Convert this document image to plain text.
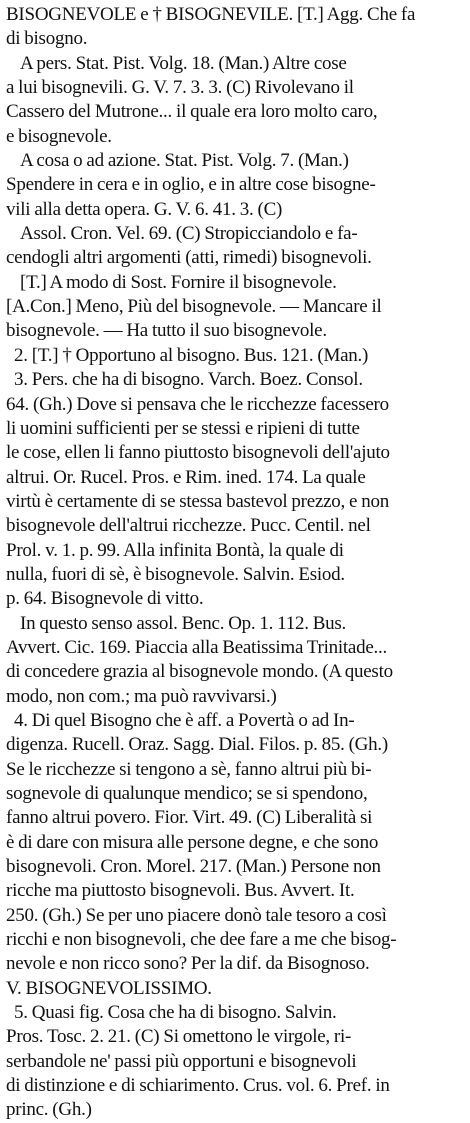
BISOGNEVOLE e † BISOGNEVILE. [T.] Agg. Che fa
di bisogno.
A pers. Stat. Pist. Volg. 18. (Man.) Altre cose
a lui bisognevili. G. V. 7. 3. 3. (C) Rivolevano il
Cassero del Mutrone... il quale era loro molto caro,
e bisognevole.
A cosa o ad azione. Stat. Pist. Volg. 7. (Man.)
Spendere in cera e in oglio, e in altre cose bisogne-
vili alla detta opera. G. V. 6. 41. 3. (C)
Assol. Cron. Vel. 69. (C) Stropicciandolo e fa-
cendogli altri argomenti (atti, rimedi) bisognevoli.
[T.] A modo di Sost. Fornire il bisognevole.
[A.Con.] Meno, Più del bisognevole. — Mancare il
bisognevole. — Ha tutto il suo bisognevole.
2. [T.] † Opportuno al bisogno. Bus. 121. (Man.)
3. Pers. che ha di bisogno. Varch. Boez. Consol.
64. (Gh.) Dove si pensava che le ricchezze facessero
li uomini sufficienti per se stessi e ripieni di tutte
le cose, ellen li fanno piuttosto bisognevoli dell'ajuto
altrui. Or. Rucel. Pros. e Rim. ined. 174. La quale
virtù è certamente di se stessa bastevol prezzo, e non
bisognevole dell'altrui ricchezze. Pucc. Centil. nel
Prol. v. 1. p. 99. Alla infinita Bontà, la quale di
nulla, fuori di sè, è bisognevole. Salvin. Esiod.
p. 64. Bisognevole di vitto.
In questo senso assol. Benc. Op. 1. 112. Bus.
Avvert. Cic. 169. Piaccia alla Beatissima Trinitade...
di concedere grazia al bisognevole mondo. (A questo
modo, non com.; ma può ravvivarsi.)
4. Di quel Bisogno che è aff. a Povertà o ad In-
digenza. Rucell. Oraz. Sagg. Dial. Filos. p. 85. (Gh.)
Se le ricchezze si tengono a sè, fanno altrui più bi-
sognevole di qualunque mendico; se si spendono,
fanno altrui povero. Fior. Virt. 49. (C) Liberalità si
è di dare con misura alle persone degne, e che sono
bisognevoli. Cron. Morel. 217. (Man.) Persone non
ricche ma piuttosto bisognevoli. Bus. Avvert. It.
250. (Gh.) Se per uno piacere donò tale tesoro a così
ricchi e non bisognevoli, che dee fare a me che bisog-
nevole e non ricco sono? Per la dif. da Bisognoso.
V. BISOGNEVOLISSIMO.
5. Quasi fig. Cosa che ha di bisogno. Salvin.
Pros. Tosc. 2. 21. (C) Si omettono le virgole, ri-
serbandole ne' passi più opportuni e bisognevoli
di distinzione e di schiarimento. Crus. vol. 6. Pref. in
princ. (Gh.)
